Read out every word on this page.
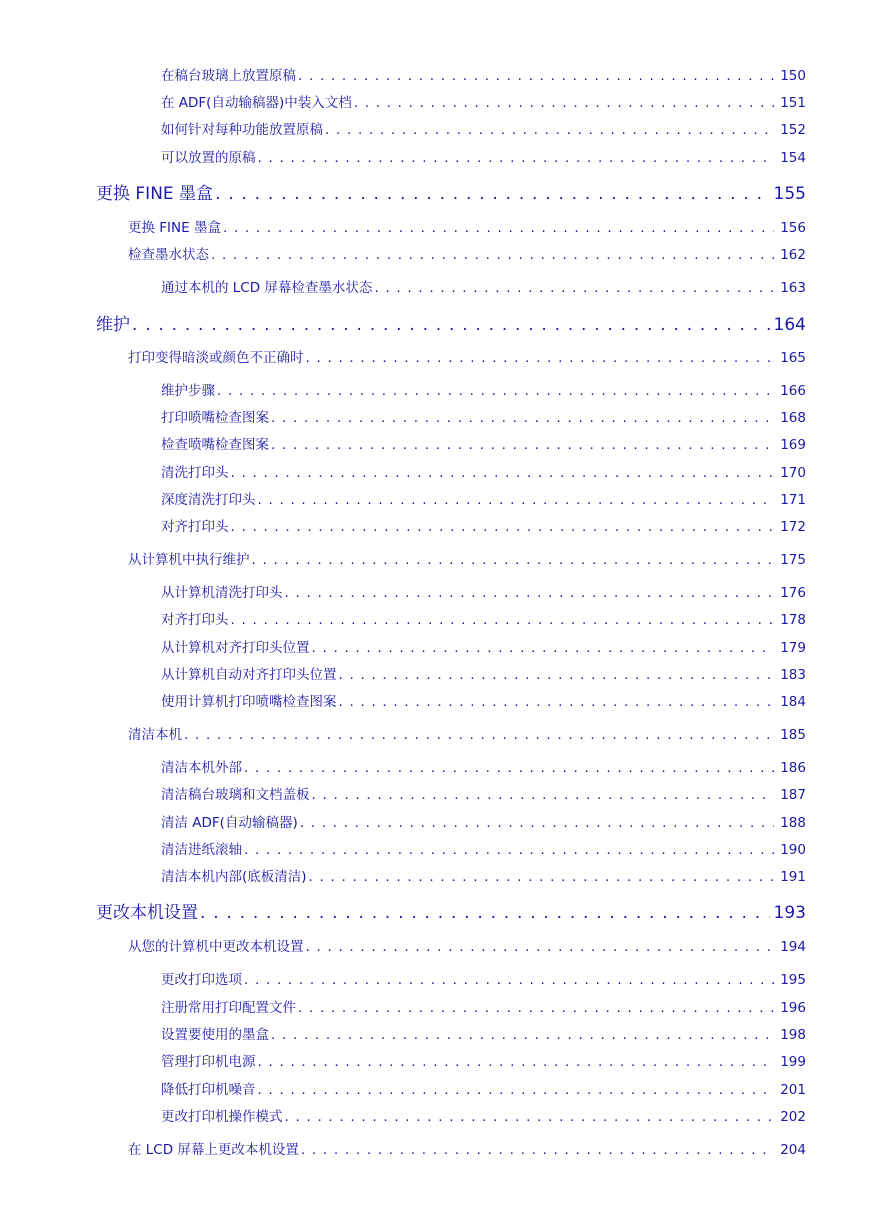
在稿台玻璃上放置原稿 . . .	150
在 ADF(自动输稿器)中装入文档 . . .	151
如何针对每种功能放置原稿 . . .	152
可以放置的原稿 . . .	154
更换 FINE 墨盒 . . .	155
更换 FINE 墨盒 . . .	156
检查墨水状态 . . .	162
通过本机的 LCD 屏幕检查墨水状态 . . .	163
维护 . . .	164
打印变得暗淡或颜色不正确时 . . .	165
维护步骤 . . .	166
打印喷嘴检查图案 . . .	168
检查喷嘴检查图案 . . .	169
清洗打印头 . . .	170
深度清洗打印头 . . .	171
对齐打印头 . . .	172
从计算机中执行维护 . . .	175
从计算机清洗打印头 . . .	176
对齐打印头 . . .	178
从计算机对齐打印头位置 . . .	179
从计算机自动对齐打印头位置 . . .	183
使用计算机打印喷嘴检查图案 . . .	184
清洁本机 . . .	185
清洁本机外部 . . .	186
清洁稿台玻璃和文档盖板 . . .	187
清洁 ADF(自动输稿器) . . .	188
清洁进纸滚轴 . . .	190
清洁本机内部(底板清洁) . . .	191
更改本机设置 . . .	193
从您的计算机中更改本机设置 . . .	194
更改打印选项 . . .	195
注册常用打印配置文件 . . .	196
设置要使用的墨盒 . . .	198
管理打印机电源 . . .	199
降低打印机噪音 . . .	201
更改打印机操作模式 . . .	202
在 LCD 屏幕上更改本机设置 . . .	204
